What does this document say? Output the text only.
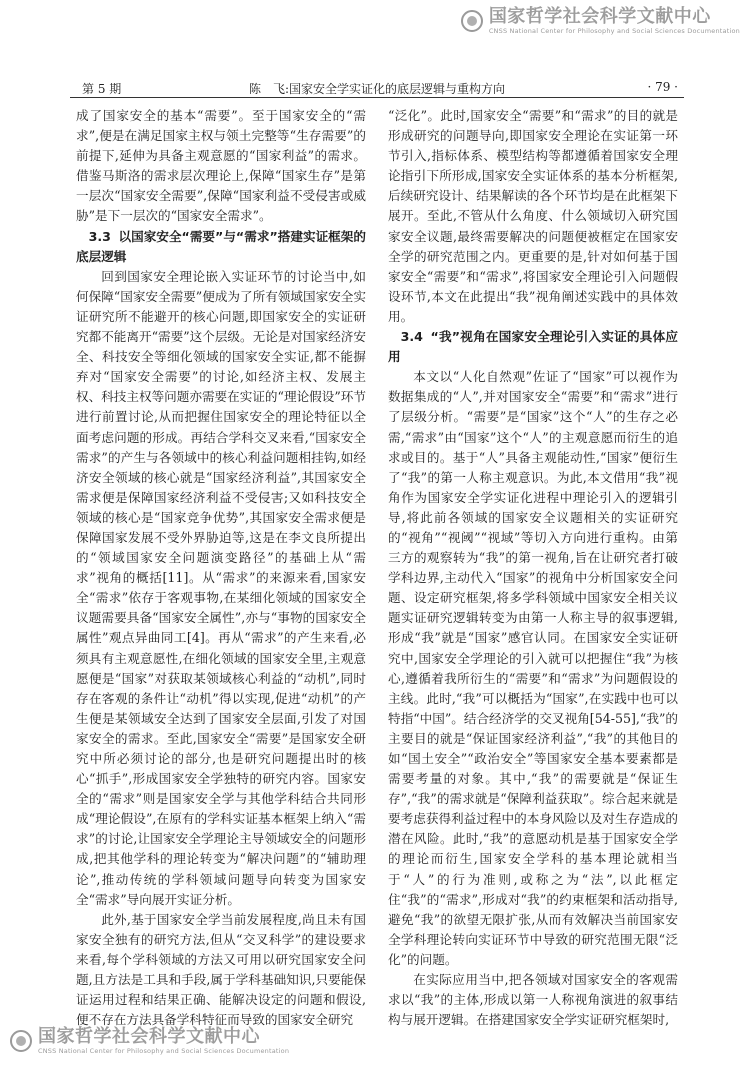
国家哲学社会科学文献中心
CNSS National Center for Philosophy and Social Sciences Documentation
第 5 期	陈　飞:国家安全学实证化的底层逻辑与重构方向	· 79 ·

成了国家安全的基本“需要”。至于国家安全的“需求”,便是在满足国家主权与领土完整等“生存需要”的前提下,延伸为具备主观意愿的“国家利益”的需求。借鉴马斯洛的需求层次理论上,保障“国家生存”是第一层次“国家安全需要”,保障“国家利益不受侵害或威胁”是下一层次的“国家安全需求”。

3.3 以国家安全“需要”与“需求”搭建实证框架的底层逻辑

回到国家安全理论嵌入实证环节的讨论当中,如何保障“国家安全需要”便成为了所有领域国家安全实证研究所不能避开的核心问题,即国家安全的实证研究都不能离开“需要”这个层级。无论是对国家经济安全、科技安全等细化领域的国家安全实证,都不能摒弃对“国家安全需要”的讨论,如经济主权、发展主权、科技主权等问题亦需要在实证的“理论假设”环节进行前置讨论,从而把握住国家安全的理论特征以全面考虑问题的形成。再结合学科交叉来看,“国家安全需求”的产生与各领域中的核心利益问题相挂钩,如经济安全领域的核心就是“国家经济利益”,其国家安全需求便是保障国家经济利益不受侵害;又如科技安全领域的核心是“国家竞争优势”,其国家安全需求便是保障国家发展不受外界胁迫等,这是在李文良所提出的“领域国家安全问题演变路径”的基础上从“需求”视角的概括[11]。从“需求”的来源来看,国家安全“需求”依存于客观事物,在某细化领域的国家安全议题需要具备“国家安全属性”,亦与“事物的国家安全属性”观点异曲同工[4]。再从“需求”的产生来看,必须具有主观意愿性,在细化领域的国家安全里,主观意愿便是“国家”对获取某领域核心利益的“动机”,同时存在客观的条件让“动机”得以实现,促进“动机”的产生便是某领域安全达到了国家安全层面,引发了对国家安全的需求。至此,国家安全“需要”是国家安全研究中所必须讨论的部分,也是研究问题提出时的核心“抓手”,形成国家安全学独特的研究内容。国家安全的“需求”则是国家安全学与其他学科结合共同形成“理论假设”,在原有的学科实证基本框架上纳入“需求”的讨论,让国家安全学理论主导领域安全的问题形成,把其他学科的理论转变为“解决问题”的“辅助理论”,推动传统的学科领域问题导向转变为国家安全“需求”导向展开实证分析。

此外,基于国家安全学当前发展程度,尚且未有国家安全独有的研究方法,但从“交叉科学”的建设要求来看,每个学科领域的方法又可用以研究国家安全问题,且方法是工具和手段,属于学科基础知识,只要能保证运用过程和结果正确、能解决设定的问题和假设,便不存在方法具备学科特征而导致的国家安全研究

“泛化”。此时,国家安全“需要”和“需求”的目的就是形成研究的问题导向,即国家安全理论在实证第一环节引入,指标体系、模型结构等都遵循着国家安全理论指引下所形成,国家安全实证体系的基本分析框架,后续研究设计、结果解读的各个环节均是在此框架下展开。至此,不管从什么角度、什么领域切入研究国家安全议题,最终需要解决的问题便被框定在国家安全学的研究范围之内。更重要的是,针对如何基于国家安全“需要”和“需求”,将国家安全理论引入问题假设环节,本文在此提出“我”视角阐述实践中的具体效用。

3.4 “我”视角在国家安全理论引入实证的具体应用

本文以“人化自然观”佐证了“国家”可以视作为数据集成的“人”,并对国家安全“需要”和“需求”进行了层级分析。“需要”是“国家”这个“人”的生存之必需,“需求”由“国家”这个“人”的主观意愿而衍生的追求或目的。基于“人”具备主观能动性,“国家”便衍生了“我”的第一人称主观意识。为此,本文借用“我”视角作为国家安全学实证化进程中理论引入的逻辑引导,将此前各领域的国家安全议题相关的实证研究的“视角”“视阈”“视域”等切入方向进行重构。由第三方的观察转为“我”的第一视角,旨在让研究者打破学科边界,主动代入“国家”的视角中分析国家安全问题、设定研究框架,将多学科领域中国家安全相关议题实证研究逻辑转变为由第一人称主导的叙事逻辑,形成“我”就是“国家”感官认同。在国家安全实证研究中,国家安全学理论的引入就可以把握住“我”为核心,遵循着我所衍生的“需要”和“需求”为问题假设的主线。此时,“我”可以概括为“国家”,在实践中也可以特指“中国”。结合经济学的交叉视角[54-55],“我”的主要目的就是“保证国家经济利益”,“我”的其他目的如“国土安全”“政治安全”等国家安全基本要素都是需要考量的对象。其中,“我”的需要就是“保证生存”,“我”的需求就是“保障利益获取”。综合起来就是要考虑获得利益过程中的本身风险以及对生存造成的潜在风险。此时,“我”的意愿动机是基于国家安全学的理论而衍生,国家安全学科的基本理论就相当于“人”的行为准则,或称之为“法”,以此框定住“我”的“需求”,形成对“我”的约束框架和活动指导,避免“我”的欲望无限扩张,从而有效解决当前国家安全学科理论转向实证环节中导致的研究范围无限“泛化”的问题。

在实际应用当中,把各领域对国家安全的客观需求以“我”的主体,形成以第一人称视角演进的叙事结构与展开逻辑。在搭建国家安全学实证研究框架时,

国家哲学社会科学文献中心
CNSS National Center for Philosophy and Social Sciences Documentation
